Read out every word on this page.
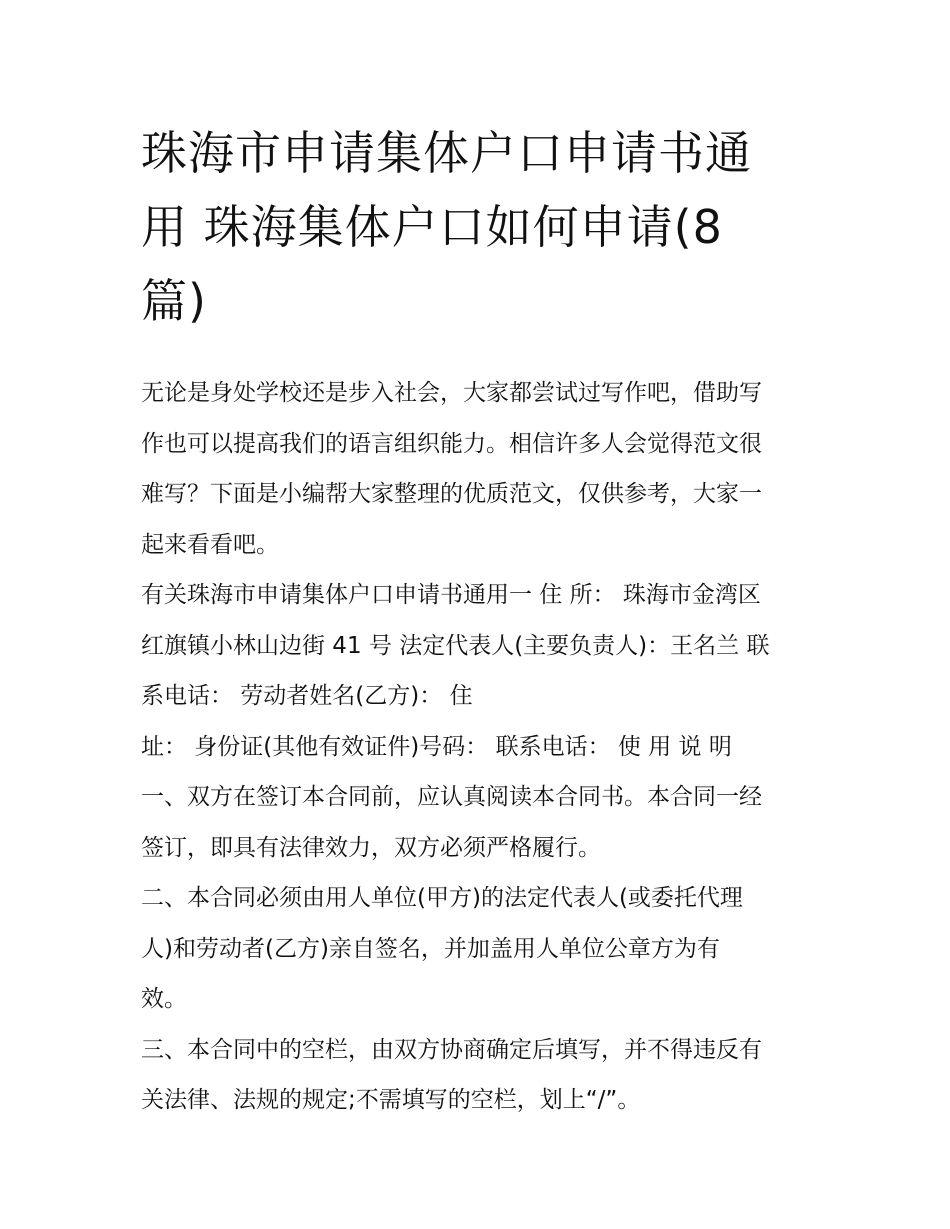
珠海市申请集体户口申请书通
用 珠海集体户口如何申请(8
篇)

无论是身处学校还是步入社会，大家都尝试过写作吧，借助写

作也可以提高我们的语言组织能力。相信许多人会觉得范文很

难写？下面是小编帮大家整理的优质范文，仅供参考，大家一

起来看看吧。

有关珠海市申请集体户口申请书通用一 住 所： 珠海市金湾区

红旗镇小林山边街 41 号 法定代表人(主要负责人)：王名兰 联

系电话： 劳动者姓名(乙方)： 住

址： 身份证(其他有效证件)号码： 联系电话： 使 用 说 明

一、双方在签订本合同前，应认真阅读本合同书。本合同一经

签订，即具有法律效力，双方必须严格履行。

二、本合同必须由用人单位(甲方)的法定代表人(或委托代理

人)和劳动者(乙方)亲自签名，并加盖用人单位公章方为有

效。

三、本合同中的空栏，由双方协商确定后填写，并不得违反有

关法律、法规的规定;不需填写的空栏，划上“/”。
